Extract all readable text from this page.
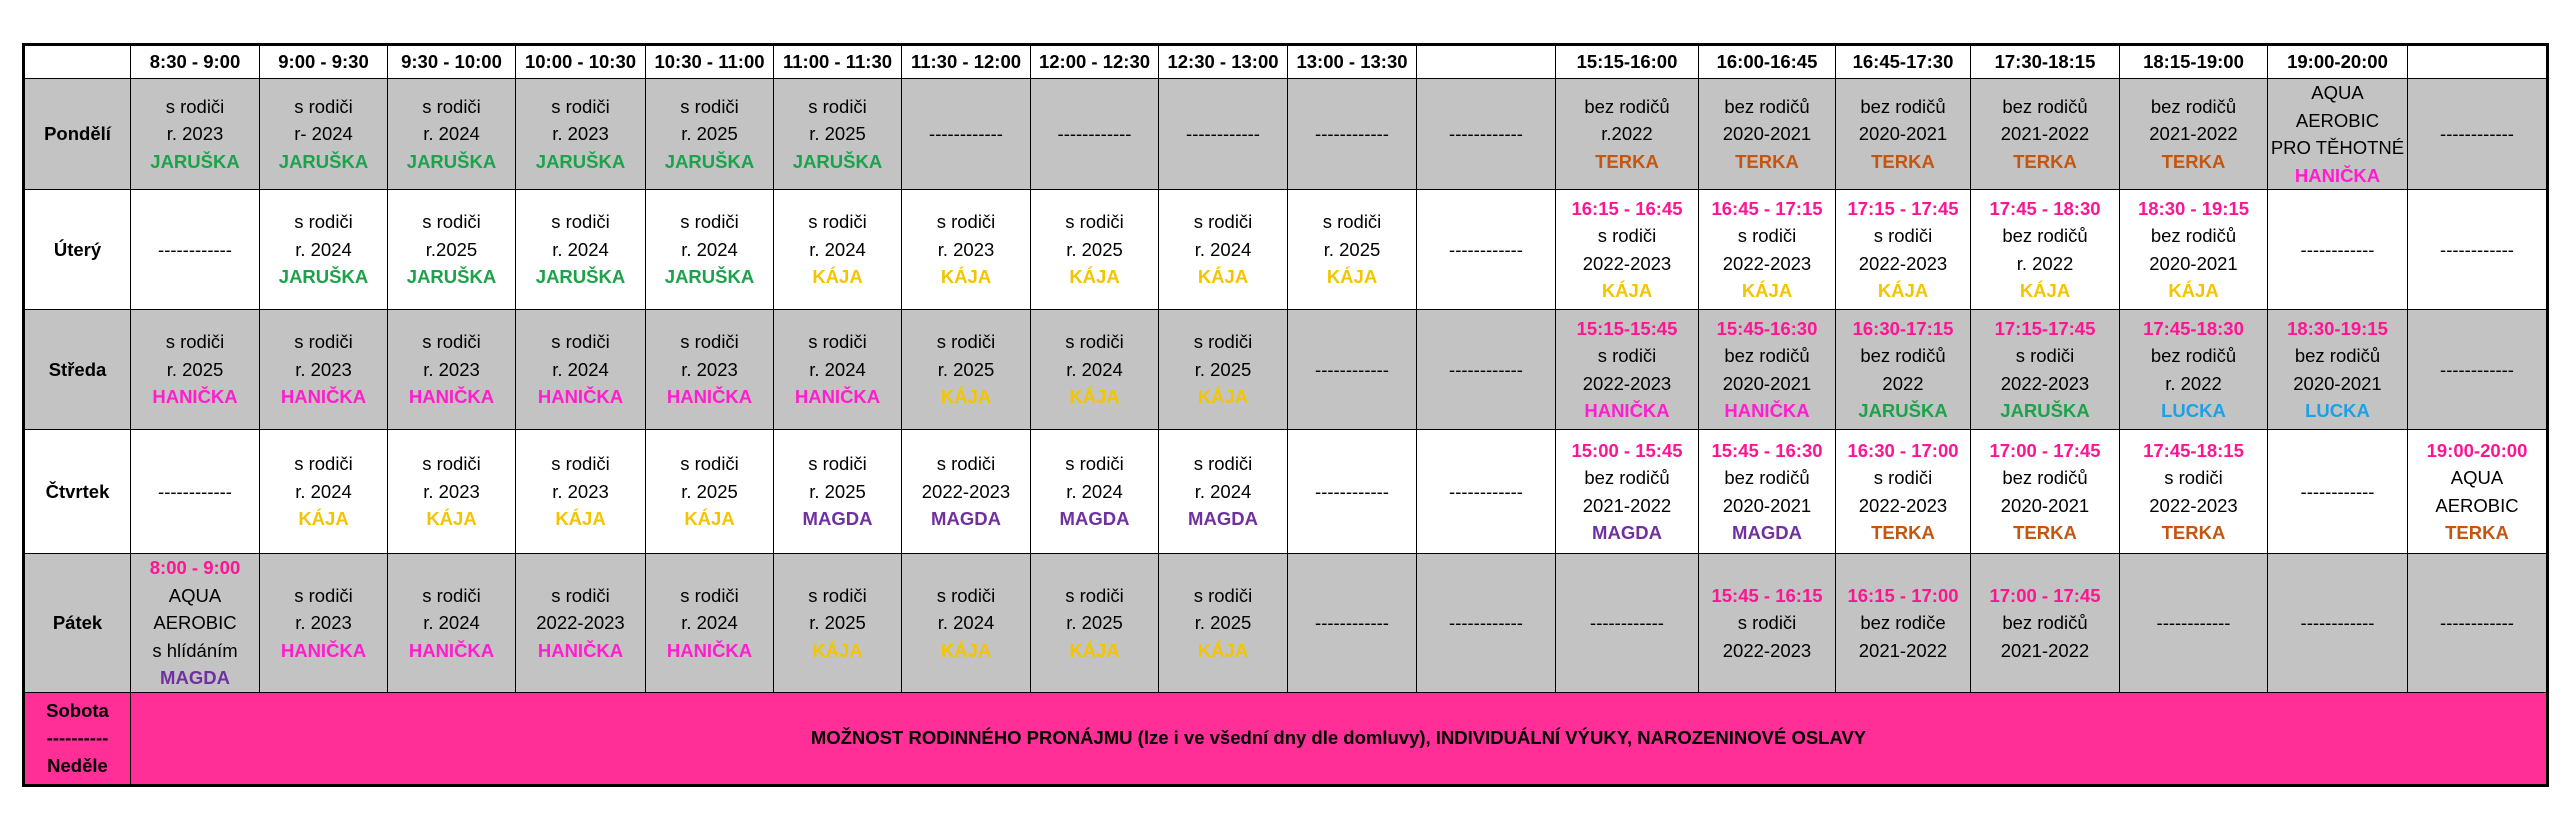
	8:30 - 9:00	9:00 - 9:30	9:30 - 10:00	10:00 - 10:30	10:30 - 11:00	11:00 - 11:30	11:30 - 12:00	12:00 - 12:30	12:30 - 13:00	13:00 - 13:30		15:15-16:00	16:00-16:45	16:45-17:30	17:30-18:15	18:15-19:00	19:00-20:00	
Pondělí	s rodiči
r. 2023
JARUŠKA	s rodiči
r- 2024
JARUŠKA	s rodiči
r. 2024
JARUŠKA	s rodiči
r. 2023
JARUŠKA	s rodiči
r. 2025
JARUŠKA	s rodiči
r. 2025
JARUŠKA	------------	------------	------------	------------	------------	bez rodičů
r.2022
TERKA	bez rodičů
2020-2021
TERKA	bez rodičů
2020-2021
TERKA	bez rodičů
2021-2022
TERKA	bez rodičů
2021-2022
TERKA	AQUA
AEROBIC
PRO TĚHOTNÉ
HANIČKA	------------

Úterý	------------	s rodiči
r. 2024
JARUŠKA	s rodiči
r.2025
JARUŠKA	s rodiči
r. 2024
JARUŠKA	s rodiči
r. 2024
JARUŠKA	s rodiči
r. 2024
KÁJA	s rodiči
r. 2023
KÁJA	s rodiči
r. 2025
KÁJA	s rodiči
r. 2024
KÁJA	s rodiči
r. 2025
KÁJA	------------	16:15 - 16:45
s rodiči
2022-2023
KÁJA	16:45 - 17:15
s rodiči
2022-2023
KÁJA	17:15 - 17:45
s rodiči
2022-2023
KÁJA	17:45 - 18:30
bez rodičů
r. 2022
KÁJA	18:30 - 19:15
bez rodičů
2020-2021
KÁJA	------------	------------

Středa	s rodiči
r. 2025
HANIČKA	s rodiči
r. 2023
HANIČKA	s rodiči
r. 2023
HANIČKA	s rodiči
r. 2024
HANIČKA	s rodiči
r. 2023
HANIČKA	s rodiči
r. 2024
HANIČKA	s rodiči
r. 2025
KÁJA	s rodiči
r. 2024
KÁJA	s rodiči
r. 2025
KÁJA	------------	------------	15:15-15:45
s rodiči
2022-2023
HANIČKA	15:45-16:30
bez rodičů
2020-2021
HANIČKA	16:30-17:15
bez rodičů
2022
JARUŠKA	17:15-17:45
s rodiči
2022-2023
JARUŠKA	17:45-18:30
bez rodičů
r. 2022
LUCKA	18:30-19:15
bez rodičů
2020-2021
LUCKA	------------

Čtvrtek	------------	s rodiči
r. 2024
KÁJA	s rodiči
r. 2023
KÁJA	s rodiči
r. 2023
KÁJA	s rodiči
r. 2025
KÁJA	s rodiči
r. 2025
MAGDA	s rodiči
2022-2023
MAGDA	s rodiči
r. 2024
MAGDA	s rodiči
r. 2024
MAGDA	------------	------------	15:00 - 15:45
bez rodičů
2021-2022
MAGDA	15:45 - 16:30
bez rodičů
2020-2021
MAGDA	16:30 - 17:00
s rodiči
2022-2023
TERKA	17:00 - 17:45
bez rodičů
2020-2021
TERKA	17:45-18:15
s rodiči
2022-2023
TERKA	------------	19:00-20:00
AQUA
AEROBIC
TERKA

Pátek	8:00 - 9:00
AQUA
AEROBIC
s hlídáním
MAGDA	s rodiči
r. 2023
HANIČKA	s rodiči
r. 2024
HANIČKA	s rodiči
2022-2023
HANIČKA	s rodiči
r. 2024
HANIČKA	s rodiči
r. 2025
KÁJA	s rodiči
r. 2024
KÁJA	s rodiči
r. 2025
KÁJA	s rodiči
r. 2025
KÁJA	------------	------------	------------	15:45 - 16:15
s rodiči
2022-2023	16:15 - 17:00
bez rodiče
2021-2022	17:00 - 17:45
bez rodičů
2021-2022	------------	------------	------------

Sobota
----------
Neděle	MOŽNOST RODINNÉHO PRONÁJMU (lze i ve všední dny dle domluvy), INDIVIDUÁLNÍ VÝUKY, NAROZENINOVÉ OSLAVY																	
